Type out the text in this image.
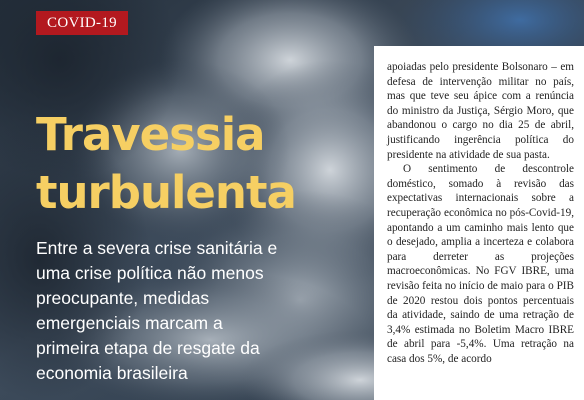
COVID-19
Travessia
turbulenta

Entre a severa crise sanitária e uma crise política não menos preocupante, medidas emergenciais marcam a primeira etapa de resgate da economia brasileira

apoiadas pelo presidente Bolsonaro – em defesa de intervenção militar no país, mas que teve seu ápice com a renúncia do ministro da Justiça, Sérgio Moro, que abandonou o cargo no dia 25 de abril, justificando ingerência política do presidente na atividade de sua pasta.

O sentimento de descontrole doméstico, somado à revisão das expectativas internacionais sobre a recuperação econômica no pós-Covid-19, apontando a um caminho mais lento que o desejado, amplia a incerteza e colabora para derreter as projeções macroeconômicas. No FGV IBRE, uma revisão feita no início de maio para o PIB de 2020 restou dois pontos percentuais da atividade, saindo de uma retração de 3,4% estimada no Boletim Macro IBRE de abril para -5,4%. Uma retração na casa dos 5%, de acordo
